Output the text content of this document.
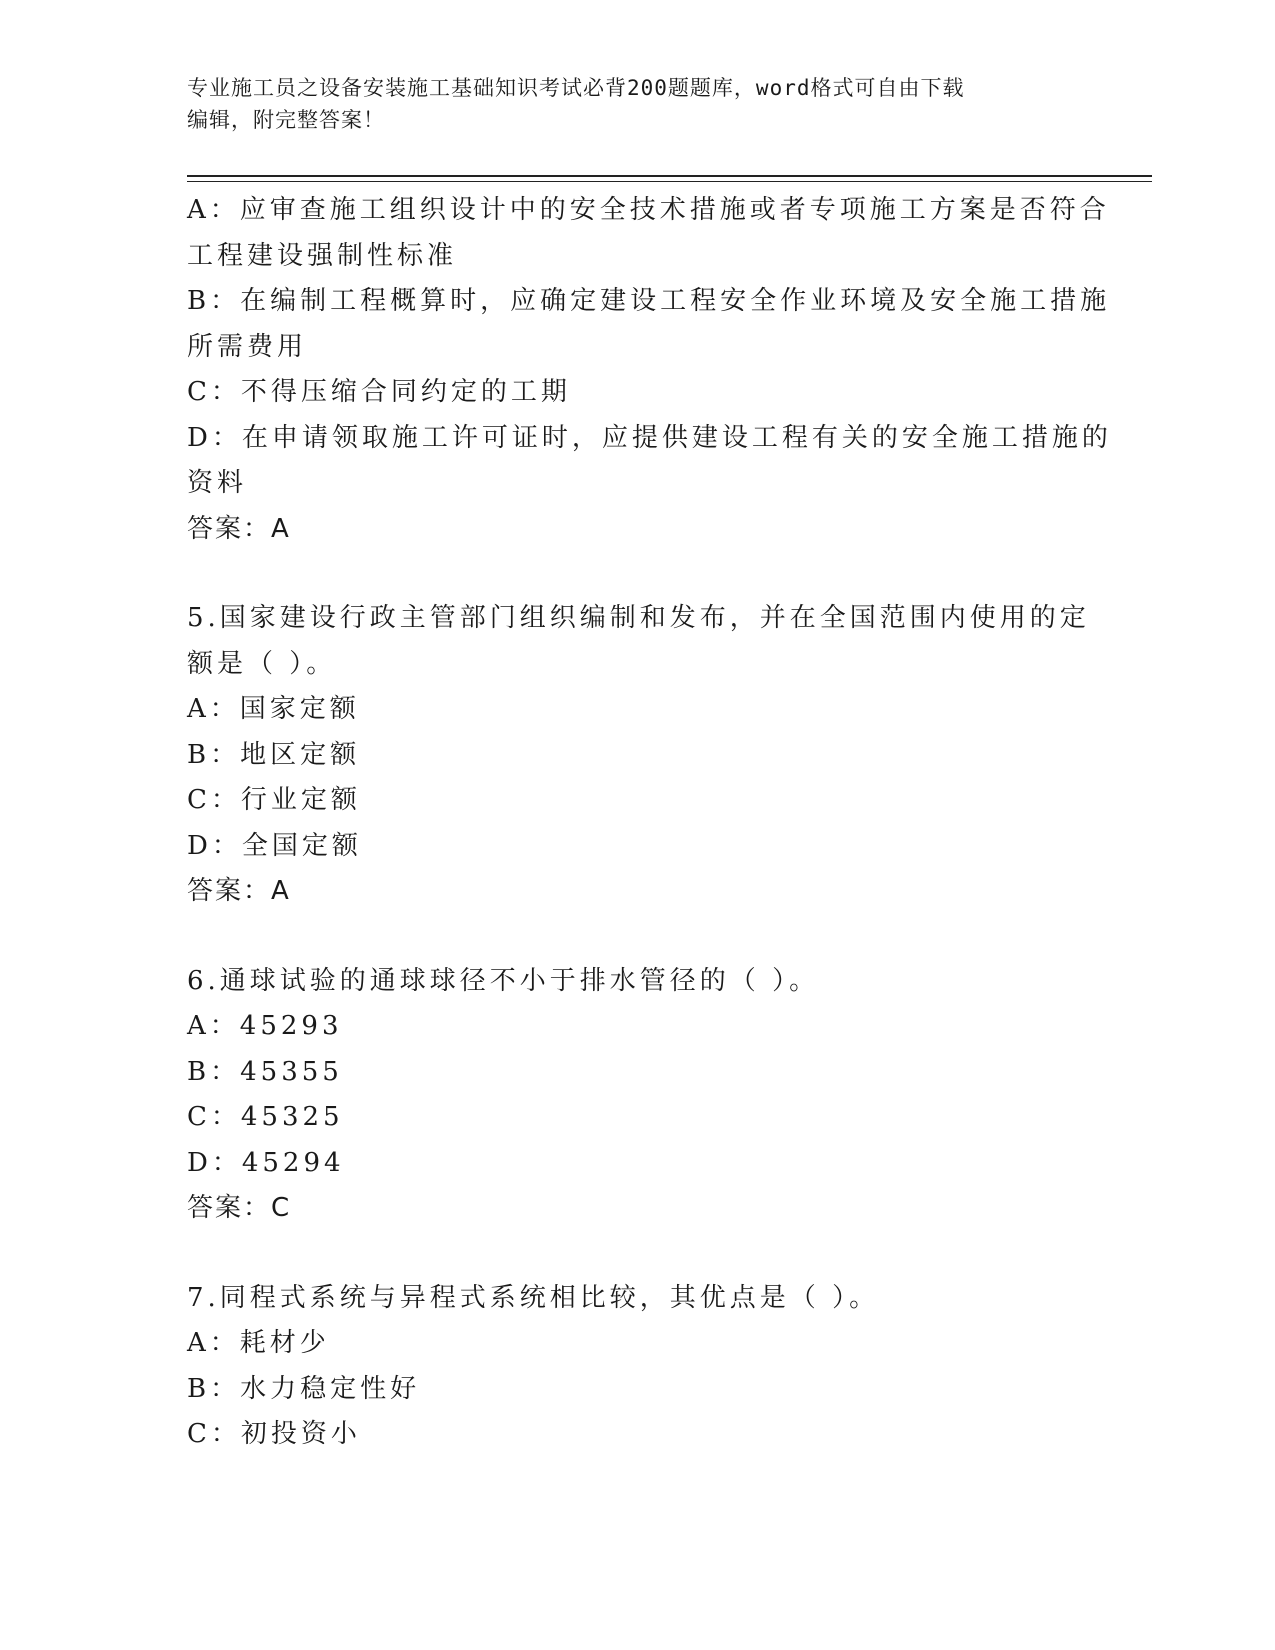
专业施工员之设备安装施工基础知识考试必背200题题库，word格式可自由下载
编辑，附完整答案！
A：应审查施工组织设计中的安全技术措施或者专项施工方案是否符合
工程建设强制性标准
B：在编制工程概算时，应确定建设工程安全作业环境及安全施工措施
所需费用
C：不得压缩合同约定的工期
D：在申请领取施工许可证时，应提供建设工程有关的安全施工措施的
资料
答案：A
5.国家建设行政主管部门组织编制和发布，并在全国范围内使用的定
额是（ ）。
A：国家定额
B：地区定额
C：行业定额
D：全国定额
答案：A
6.通球试验的通球球径不小于排水管径的（ ）。
A：45293
B：45355
C：45325
D：45294
答案：C
7.同程式系统与异程式系统相比较，其优点是（ ）。
A：耗材少
B：水力稳定性好
C：初投资小
